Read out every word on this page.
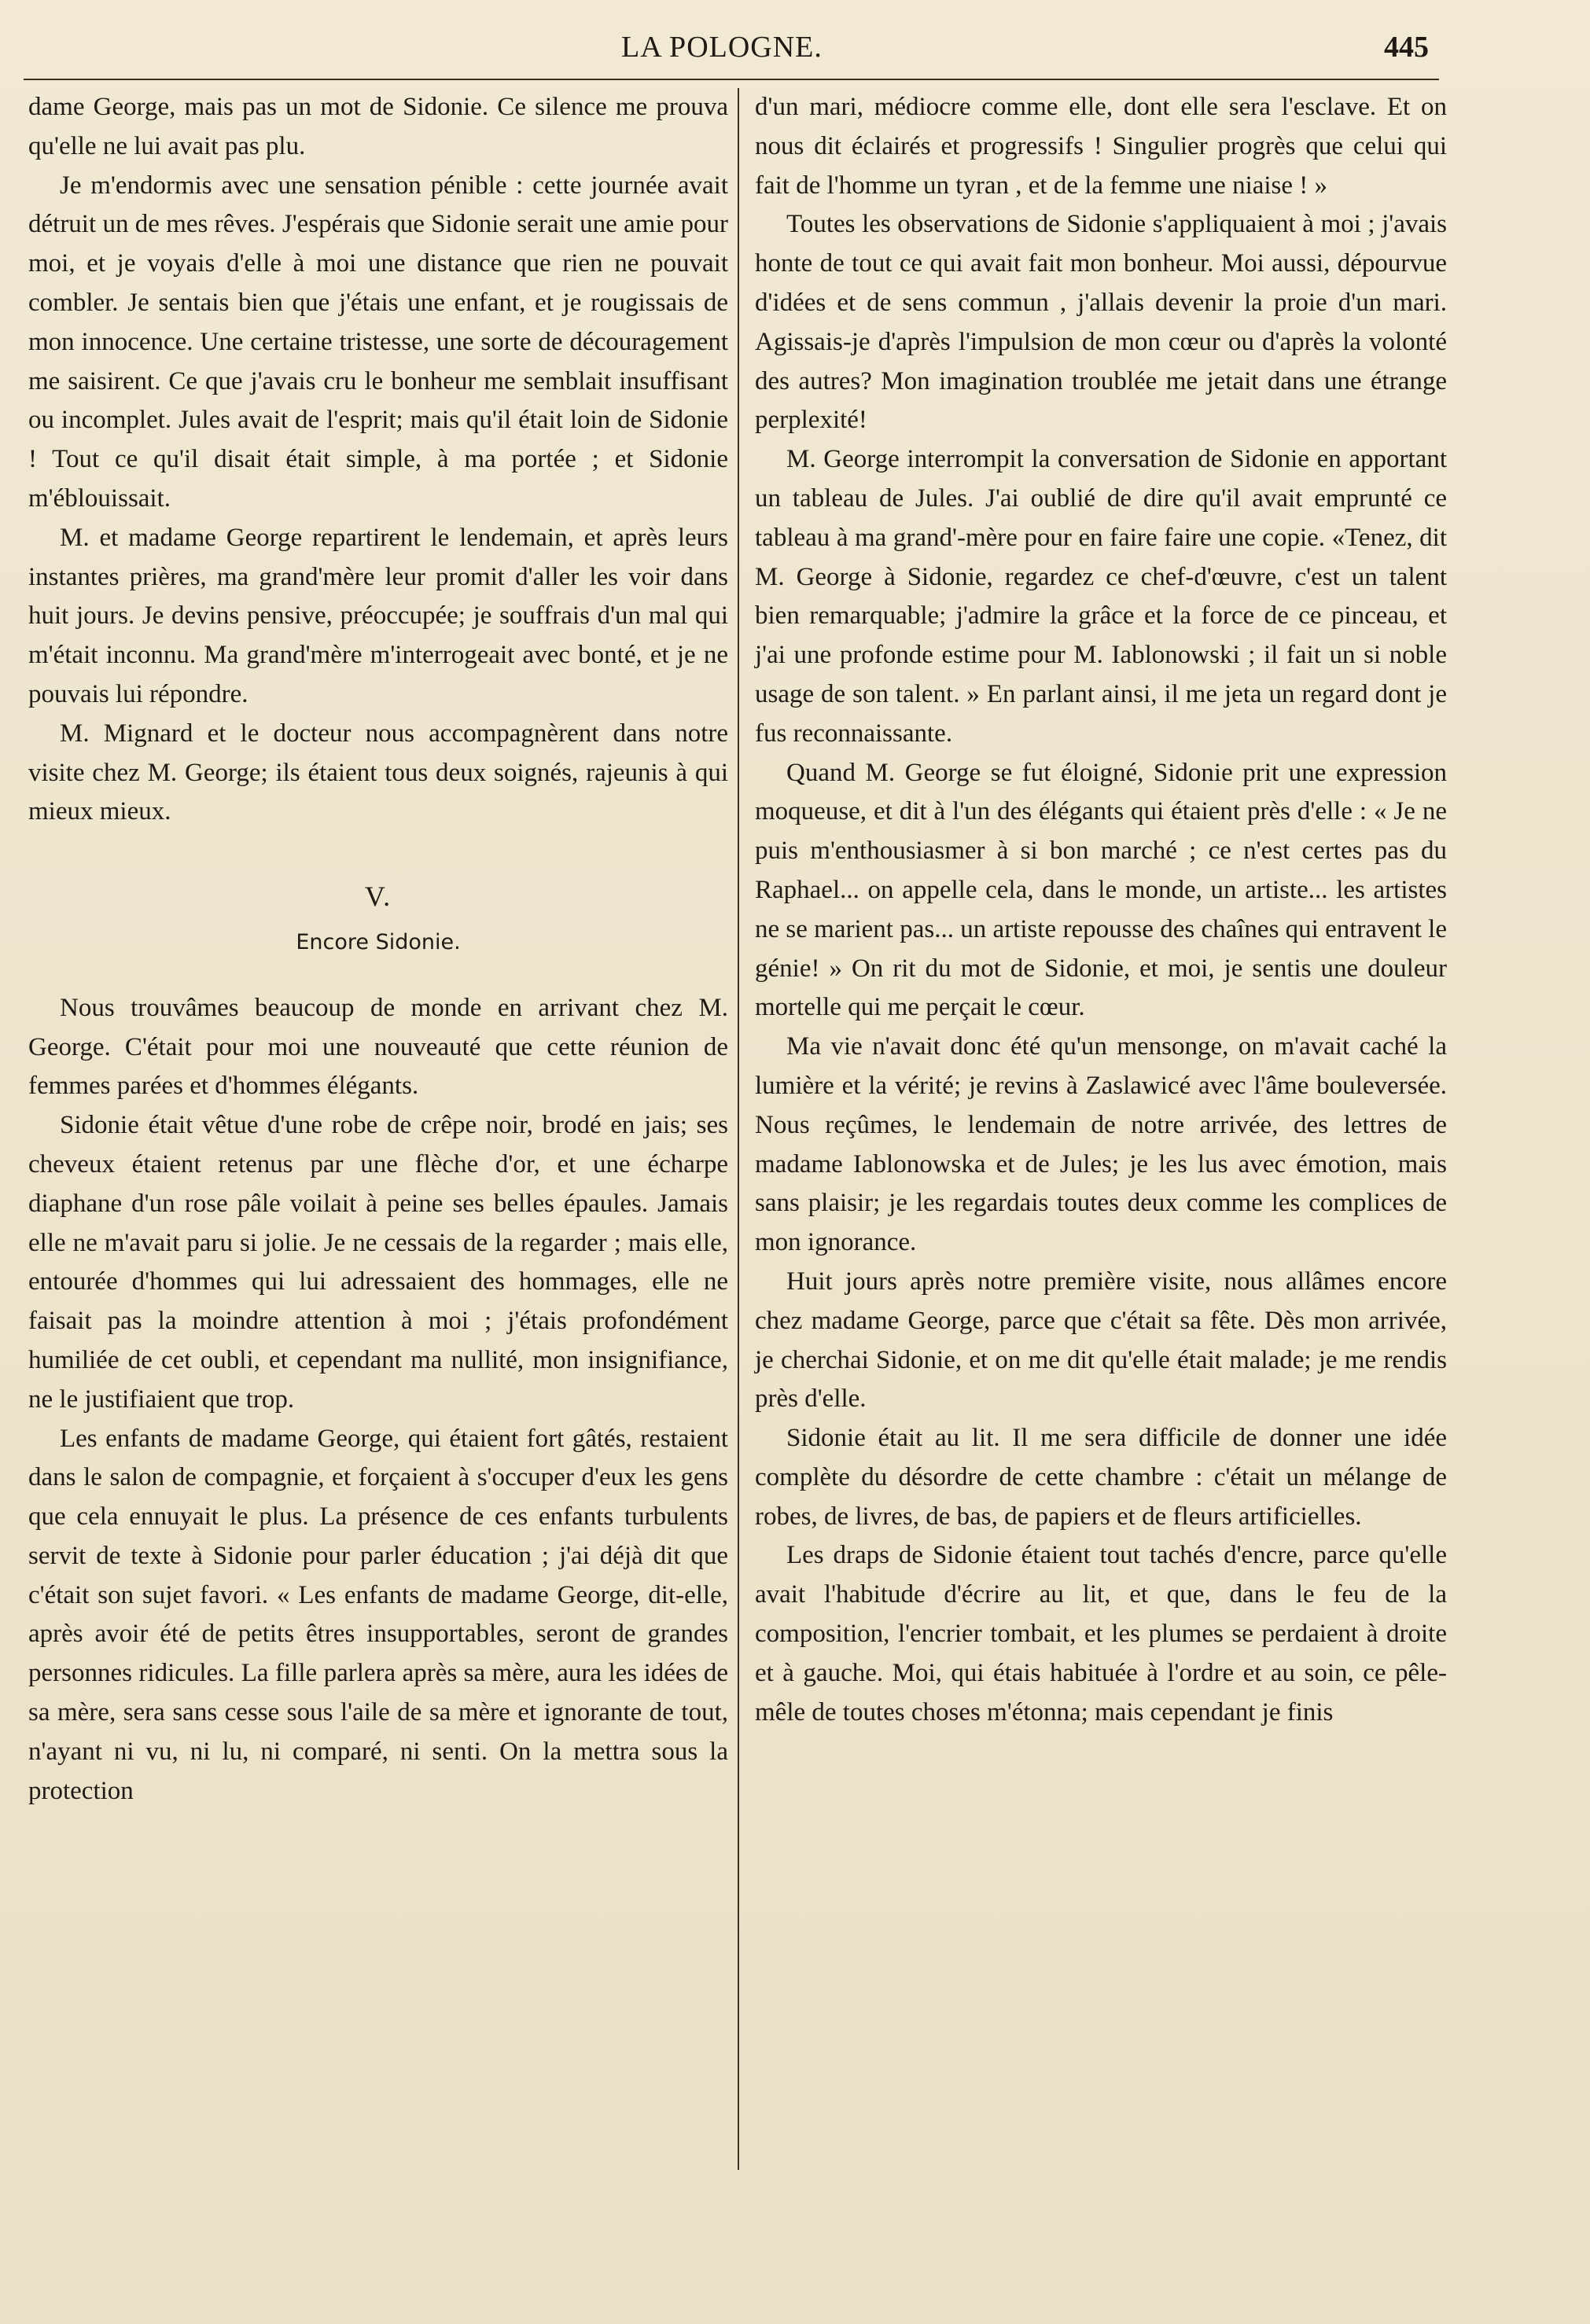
LA POLOGNE.	445

dame George, mais pas un mot de Sidonie. Ce silence me prouva qu'elle ne lui avait pas plu.

Je m'endormis avec une sensation pénible : cette journée avait détruit un de mes rêves. J'espérais que Sidonie serait une amie pour moi, et je voyais d'elle à moi une distance que rien ne pouvait combler. Je sentais bien que j'étais une enfant, et je rougissais de mon innocence. Une certaine tristesse, une sorte de découragement me saisirent. Ce que j'avais cru le bonheur me semblait insuffisant ou incomplet. Jules avait de l'esprit; mais qu'il était loin de Sidonie ! Tout ce qu'il disait était simple, à ma portée ; et Sidonie m'éblouissait.

M. et madame George repartirent le lendemain, et après leurs instantes prières, ma grand'mère leur promit d'aller les voir dans huit jours. Je devins pensive, préoccupée; je souffrais d'un mal qui m'était inconnu. Ma grand'mère m'interrogeait avec bonté, et je ne pouvais lui répondre.

M. Mignard et le docteur nous accompagnèrent dans notre visite chez M. George; ils étaient tous deux soignés, rajeunis à qui mieux mieux.

V.
Encore Sidonie.

Nous trouvâmes beaucoup de monde en arrivant chez M. George. C'était pour moi une nouveauté que cette réunion de femmes parées et d'hommes élégants.

Sidonie était vêtue d'une robe de crêpe noir, brodé en jais; ses cheveux étaient retenus par une flèche d'or, et une écharpe diaphane d'un rose pâle voilait à peine ses belles épaules. Jamais elle ne m'avait paru si jolie. Je ne cessais de la regarder ; mais elle, entourée d'hommes qui lui adressaient des hommages, elle ne faisait pas la moindre attention à moi ; j'étais profondément humiliée de cet oubli, et cependant ma nullité, mon insignifiance, ne le justifiaient que trop.

Les enfants de madame George, qui étaient fort gâtés, restaient dans le salon de compagnie, et forçaient à s'occuper d'eux les gens que cela ennuyait le plus. La présence de ces enfants turbulents servit de texte à Sidonie pour parler éducation ; j'ai déjà dit que c'était son sujet favori. « Les enfants de madame George, dit-elle, après avoir été de petits êtres insupportables, seront de grandes personnes ridicules. La fille parlera après sa mère, aura les idées de sa mère, sera sans cesse sous l'aile de sa mère et ignorante de tout, n'ayant ni vu, ni lu, ni comparé, ni senti. On la mettra sous la protection

d'un mari, médiocre comme elle, dont elle sera l'esclave. Et on nous dit éclairés et progressifs ! Singulier progrès que celui qui fait de l'homme un tyran , et de la femme une niaise ! »

Toutes les observations de Sidonie s'appliquaient à moi ; j'avais honte de tout ce qui avait fait mon bonheur. Moi aussi, dépourvue d'idées et de sens commun , j'allais devenir la proie d'un mari. Agissais-je d'après l'impulsion de mon cœur ou d'après la volonté des autres? Mon imagination troublée me jetait dans une étrange perplexité!

M. George interrompit la conversation de Sidonie en apportant un tableau de Jules. J'ai oublié de dire qu'il avait emprunté ce tableau à ma grand'-mère pour en faire faire une copie. «Tenez, dit M. George à Sidonie, regardez ce chef-d'œuvre, c'est un talent bien remarquable; j'admire la grâce et la force de ce pinceau, et j'ai une profonde estime pour M. Iablonowski ; il fait un si noble usage de son talent. » En parlant ainsi, il me jeta un regard dont je fus reconnaissante.

Quand M. George se fut éloigné, Sidonie prit une expression moqueuse, et dit à l'un des élégants qui étaient près d'elle : « Je ne puis m'enthousiasmer à si bon marché ; ce n'est certes pas du Raphael... on appelle cela, dans le monde, un artiste... les artistes ne se marient pas... un artiste repousse des chaînes qui entravent le génie! » On rit du mot de Sidonie, et moi, je sentis une douleur mortelle qui me perçait le cœur.

Ma vie n'avait donc été qu'un mensonge, on m'avait caché la lumière et la vérité; je revins à Zaslawicé avec l'âme bouleversée. Nous reçûmes, le lendemain de notre arrivée, des lettres de madame Iablonowska et de Jules; je les lus avec émotion, mais sans plaisir; je les regardais toutes deux comme les complices de mon ignorance.

Huit jours après notre première visite, nous allâmes encore chez madame George, parce que c'était sa fête. Dès mon arrivée, je cherchai Sidonie, et on me dit qu'elle était malade; je me rendis près d'elle.

Sidonie était au lit. Il me sera difficile de donner une idée complète du désordre de cette chambre : c'était un mélange de robes, de livres, de bas, de papiers et de fleurs artificielles.

Les draps de Sidonie étaient tout tachés d'encre, parce qu'elle avait l'habitude d'écrire au lit, et que, dans le feu de la composition, l'encrier tombait, et les plumes se perdaient à droite et à gauche. Moi, qui étais habituée à l'ordre et au soin, ce pêle-mêle de toutes choses m'étonna; mais cependant je finis
